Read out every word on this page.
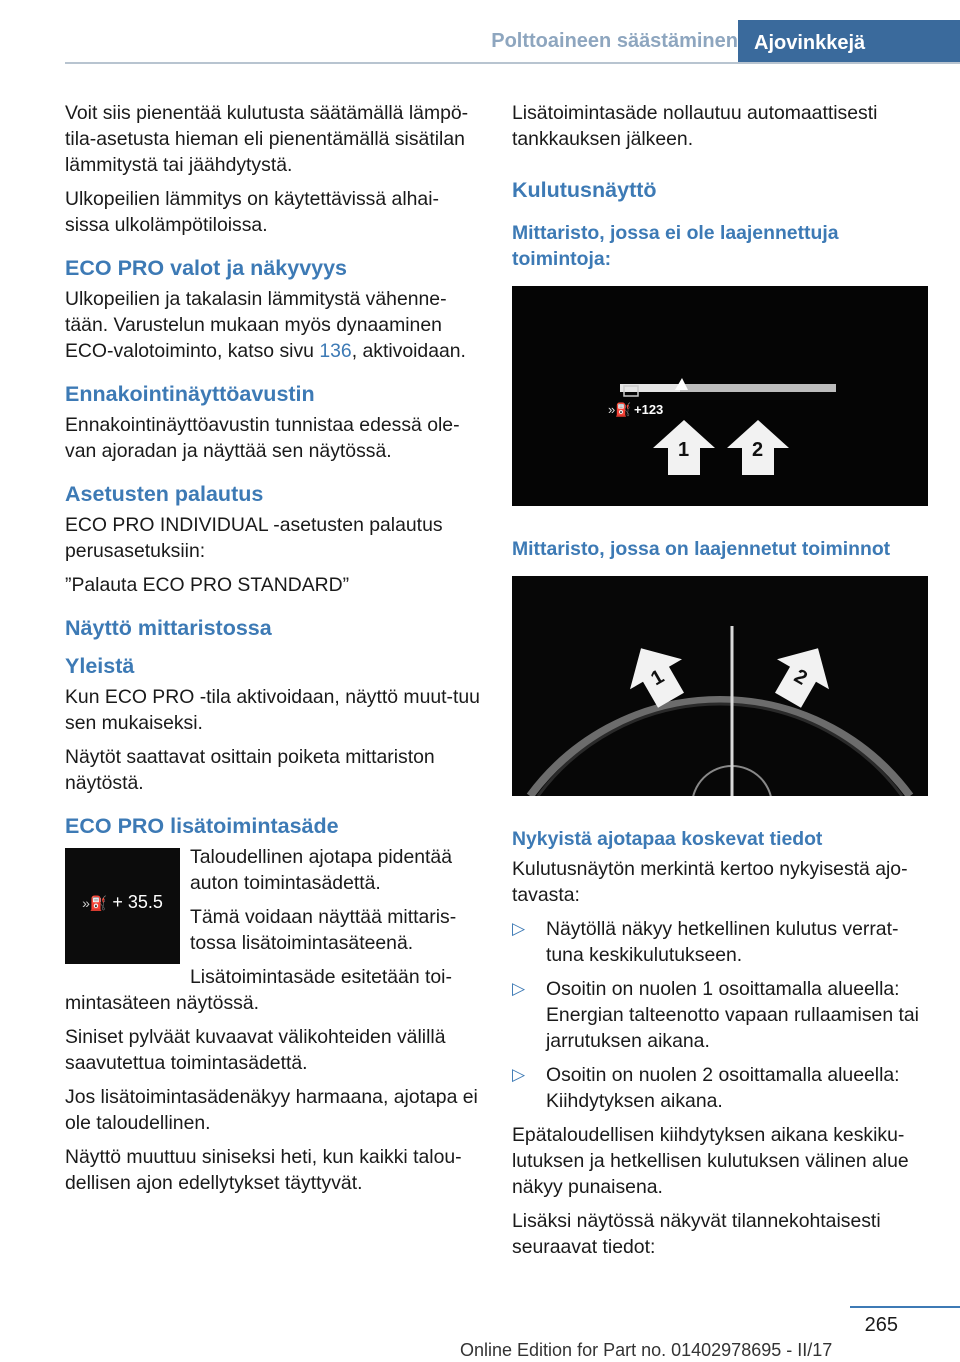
Polttoaineen säästäminen Ajovinkkejä

Voit siis pienentää kulutusta säätämällä lämpö-tila-asetusta hieman eli pienentämällä sisätilan lämmitystä tai jäähdytystä.

Ulkopeilien lämmitys on käytettävissä alhai-sissa ulkolämpötiloissa.

ECO PRO valot ja näkyvyys

Ulkopeilien ja takalasin lämmitystä vähenne-tään. Varustelun mukaan myös dynaaminen ECO-valotoiminto, katso sivu 136, aktivoidaan.

Ennakointinäyttöavustin

Ennakointinäyttöavustin tunnistaa edessä ole-van ajoradan ja näyttää sen näytössä.

Asetusten palautus

ECO PRO INDIVIDUAL -asetusten palautus perusasetuksiin:

”Palauta ECO PRO STANDARD”

Näyttö mittaristossa
Yleistä

Kun ECO PRO -tila aktivoidaan, näyttö muut-tuu sen mukaiseksi.

Näytöt saattavat osittain poiketa mittariston näytöstä.

ECO PRO lisätoimintasäde
»⛽ + 35.5

Taloudellinen ajotapa pidentää auton toimintasädettä.

Tämä voidaan näyttää mittaris-tossa lisätoimintasäteenä.

Lisätoimintasäde esitetään toi-mintasäteen näytössä.

Siniset pylväät kuvaavat välikohteiden välillä saavutettua toimintasädettä.

Jos lisätoimintasädenäkyy harmaana, ajotapa ei ole taloudellinen.

Näyttö muuttuu siniseksi heti, kun kaikki talou-dellisen ajon edellytykset täyttyvät.

Lisätoimintasäde nollautuu automaattisesti tankkauksen jälkeen.

Kulutusnäyttö
Mittaristo, jossa ei ole laajennettuja toimintoja:
»⛽ +123
1	2
Mittaristo, jossa on laajennetut toiminnot
1	2
Nykyistä ajotapaa koskevat tiedot

Kulutusnäytön merkintä kertoo nykyisestä ajo-tavasta:

▷ Näytöllä näkyy hetkellinen kulutus verrat-tuna keskikulutukseen.
▷ Osoitin on nuolen 1 osoittamalla alueella: Energian talteenotto vapaan rullaamisen tai jarrutuksen aikana.
▷ Osoitin on nuolen 2 osoittamalla alueella: Kiihdytyksen aikana.

Epätaloudellisen kiihdytyksen aikana keskiku-lutuksen ja hetkellisen kulutuksen välinen alue näkyy punaisena.

Lisäksi näytössä näkyvät tilannekohtaisesti seuraavat tiedot:

265
Online Edition for Part no. 01402978695 - II/17
